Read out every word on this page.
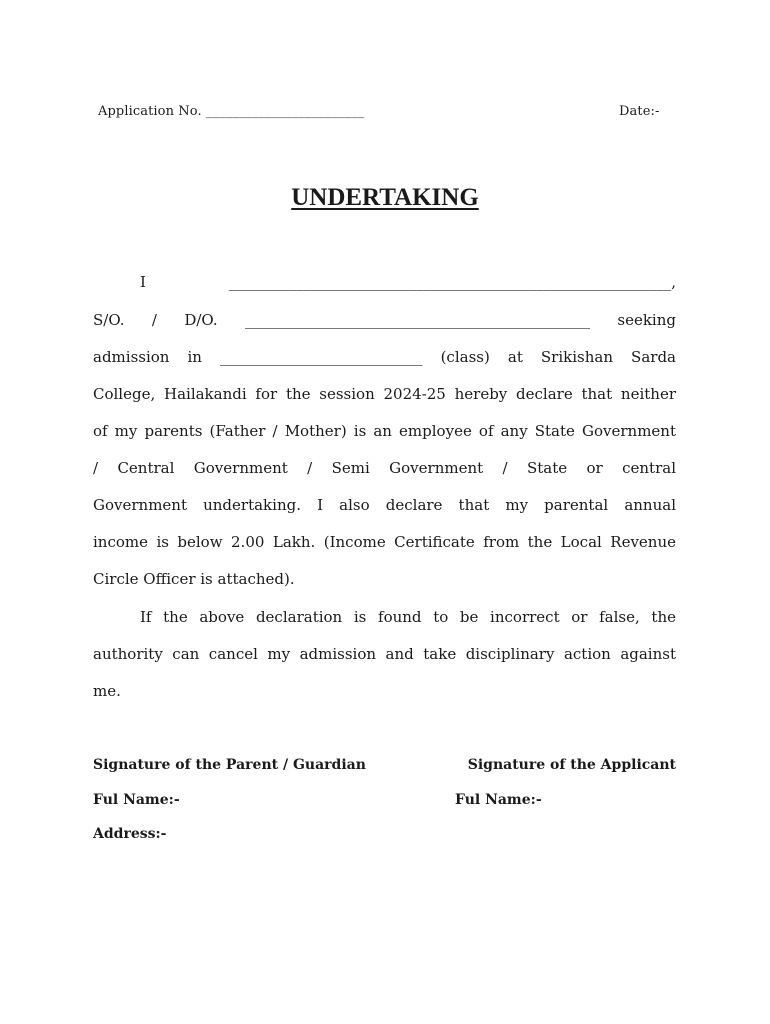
Application No. ________________________	Date:-
UNDERTAKING
I ___________________________________________________________,
S/O. / D/O. ______________________________________________ seeking
admission in ___________________________ (class) at Srikishan Sarda
College, Hailakandi for the session 2024-25 hereby declare that neither
of my parents (Father / Mother) is an employee of any State Government
/ Central Government / Semi Government / State or central
Government undertaking. I also declare that my parental annual
income is below 2.00 Lakh. (Income Certificate from the Local Revenue
Circle Officer is attached).
If the above declaration is found to be incorrect or false, the
authority can cancel my admission and take disciplinary action against
me.
Signature of the Parent / Guardian	Signature of the Applicant
Ful Name:-	Ful Name:-
Address:-
